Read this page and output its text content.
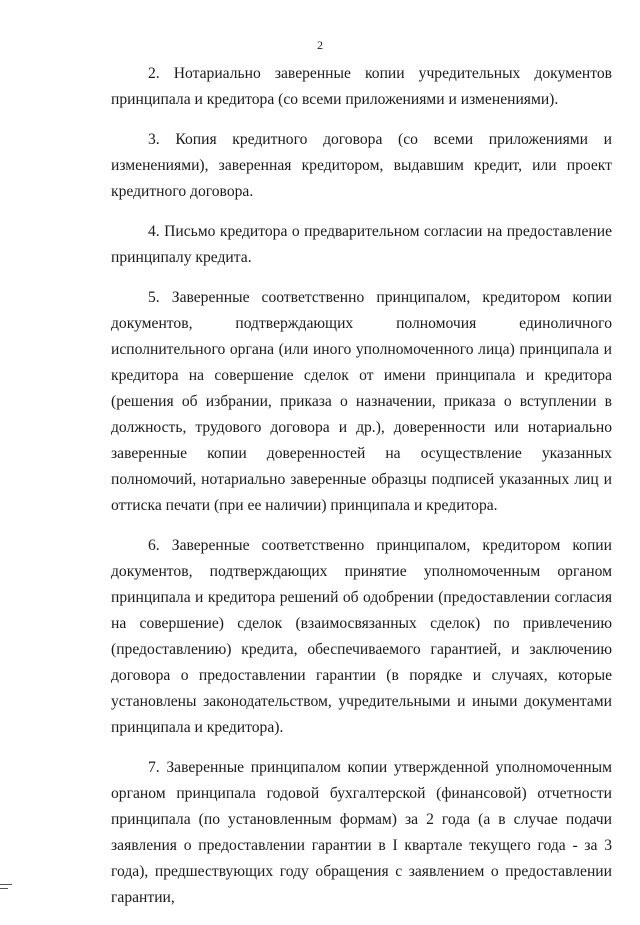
2

2. Нотариально заверенные копии учредительных документов принципала и кредитора (со всеми приложениями и изменениями).

3. Копия кредитного договора (со всеми приложениями и изменениями), заверенная кредитором, выдавшим кредит, или проект кредитного договора.

4. Письмо кредитора о предварительном согласии на предоставление принципалу кредита.

5. Заверенные соответственно принципалом, кредитором копии документов, подтверждающих полномочия единоличного исполнительного органа (или иного уполномоченного лица) принципала и кредитора на совершение сделок от имени принципала и кредитора (решения об избрании, приказа о назначении, приказа о вступлении в должность, трудового договора и др.), доверенности или нотариально заверенные копии доверенностей на осуществление указанных полномочий, нотариально заверенные образцы подписей указанных лиц и оттиска печати (при ее наличии) принципала и кредитора.

6. Заверенные соответственно принципалом, кредитором копии документов, подтверждающих принятие уполномоченным органом принципала и кредитора решений об одобрении (предоставлении согласия на совершение) сделок (взаимосвязанных сделок) по привлечению (предоставлению) кредита, обеспечиваемого гарантией, и заключению договора о предоставлении гарантии (в порядке и случаях, которые установлены законодательством, учредительными и иными документами принципала и кредитора).

7. Заверенные принципалом копии утвержденной уполномоченным органом принципала годовой бухгалтерской (финансовой) отчетности принципала (по установленным формам) за 2 года (а в случае подачи заявления о предоставлении гарантии в I квартале текущего года - за 3 года), предшествующих году обращения с заявлением о предоставлении гарантии,
